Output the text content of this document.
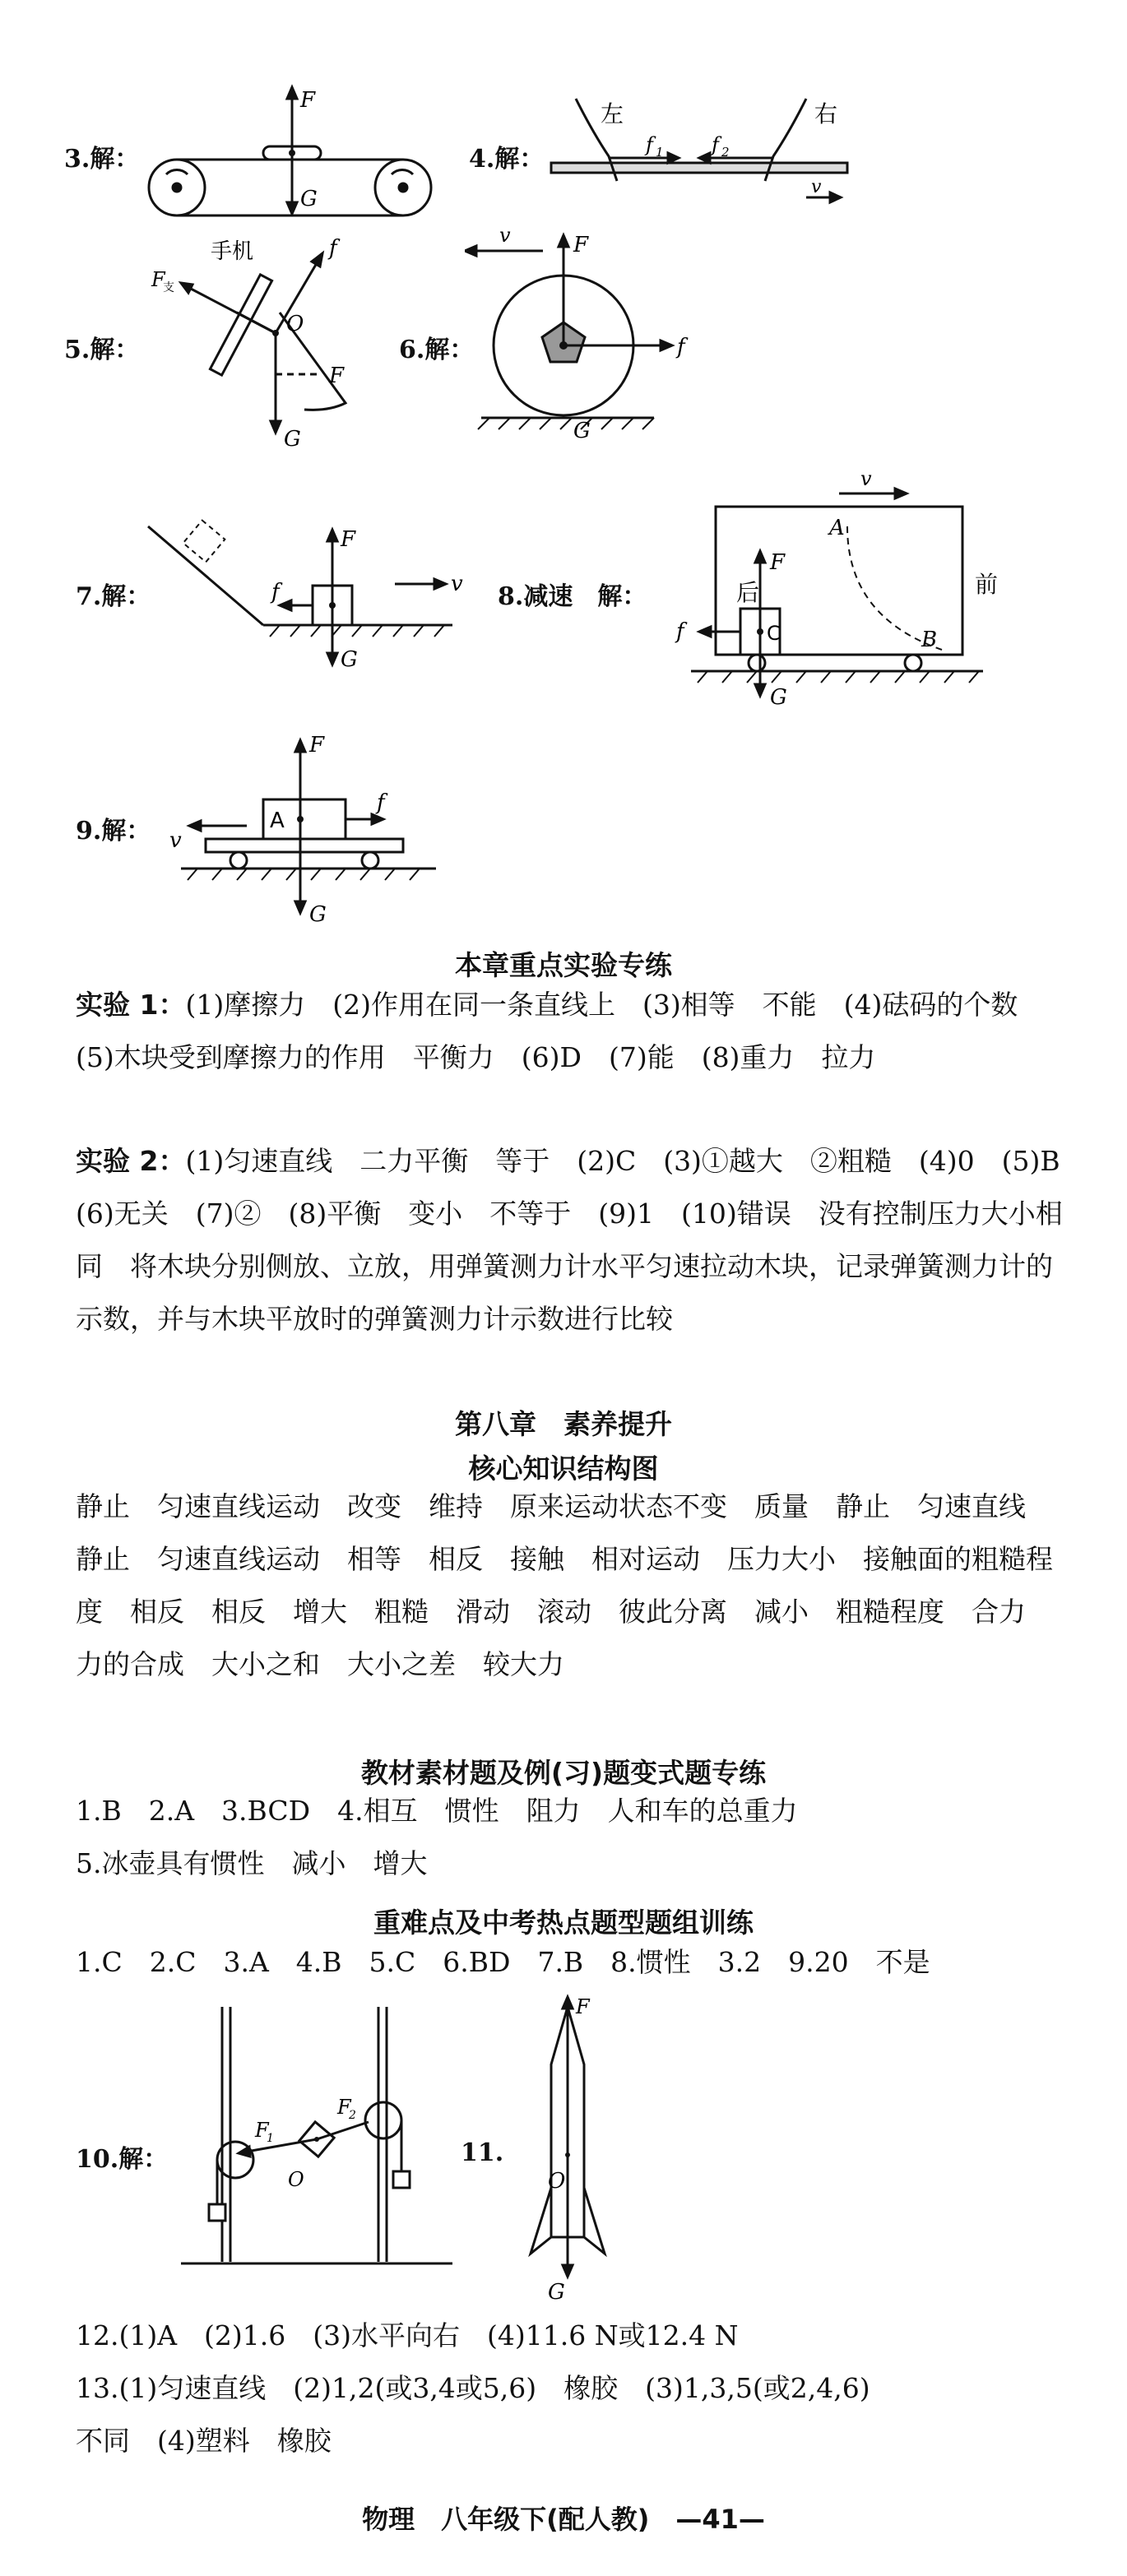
3.解：
F
G
4.解：
左	右
f 1 f 2
v
5.解：
手机
F
支
f
O
F
G
6.解：
v	F
f
G
7.解：
F
f	v
G
8.减速　解：
v
A
后	前
F
f	C	B
G
9.解：
F
A
f
v
G
本章重点实验专练
实验 1：(1)摩擦力　(2)作用在同一条直线上　(3)相等　不能　(4)砝码的个数　(5)木块受到摩擦力的作用　平衡力　(6)D　(7)能　(8)重力　拉力
实验 2：(1)匀速直线　二力平衡　等于　(2)C　(3)①越大　②粗糙　(4)0　(5)B　(6)无关　(7)②　(8)平衡　变小　不等于　(9)1　(10)错误　没有控制压力大小相同　将木块分别侧放、立放，用弹簧测力计水平匀速拉动木块，记录弹簧测力计的示数，并与木块平放时的弹簧测力计示数进行比较
第八章　素养提升
核心知识结构图
静止　匀速直线运动　改变　维持　原来运动状态不变　质量　静止　匀速直线　静止　匀速直线运动　相等　相反　接触　相对运动　压力大小　接触面的粗糙程度　相反　相反　增大　粗糙　滑动　滚动　彼此分离　减小　粗糙程度　合力　力的合成　大小之和　大小之差　较大力
教材素材题及例(习)题变式题专练
1.B　2.A　3.BCD　4.相互　惯性　阻力　人和车的总重力
5.冰壶具有惯性　减小　增大
重难点及中考热点题型题组训练
1.C　2.C　3.A　4.B　5.C　6.BD　7.B　8.惯性　3.2　9.20　不是
10.解：
F
1
F
2
O
11.
F
O
G
12.(1)A　(2)1.6　(3)水平向右　(4)11.6 N或12.4 N
13.(1)匀速直线　(2)1,2(或3,4或5,6)　橡胶　(3)1,3,5(或2,4,6)
不同　(4)塑料　橡胶
物理　八年级下(配人教)　—41—
